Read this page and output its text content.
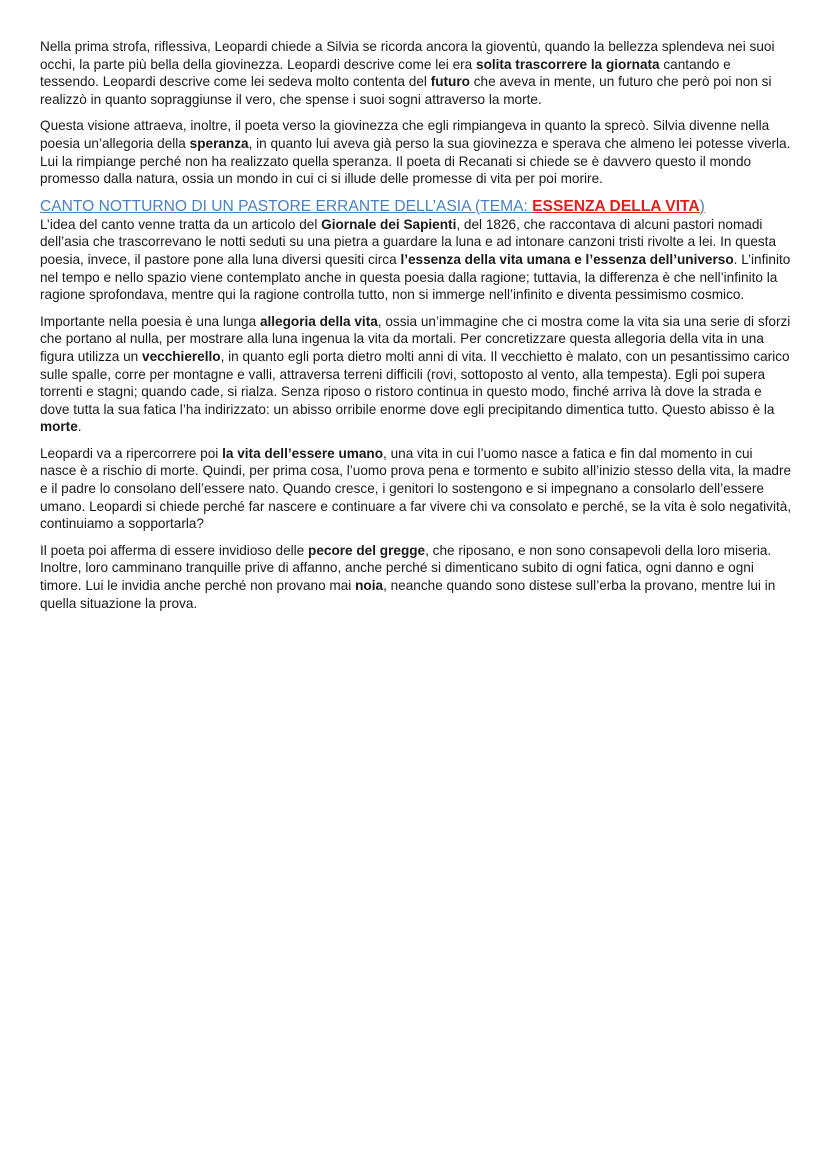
Nella prima strofa, riflessiva, Leopardi chiede a Silvia se ricorda ancora la gioventù, quando la bellezza splendeva nei suoi occhi, la parte più bella della giovinezza. Leopardi descrive come lei era solita trascorrere la giornata cantando e tessendo. Leopardi descrive come lei sedeva molto contenta del futuro che aveva in mente, un futuro che però poi non si realizzò in quanto sopraggiunse il vero, che spense i suoi sogni attraverso la morte.

Questa visione attraeva, inoltre, il poeta verso la giovinezza che egli rimpiangeva in quanto la sprecò. Silvia divenne nella poesia un’allegoria della speranza, in quanto lui aveva già perso la sua giovinezza e sperava che almeno lei potesse viverla. Lui la rimpiange perché non ha realizzato quella speranza. Il poeta di Recanati si chiede se è davvero questo il mondo promesso dalla natura, ossia un mondo in cui ci si illude delle promesse di vita per poi morire.

CANTO NOTTURNO DI UN PASTORE ERRANTE DELL’ASIA (TEMA: ESSENZA DELLA VITA)

L’idea del canto venne tratta da un articolo del Giornale dei Sapienti, del 1826, che raccontava di alcuni pastori nomadi dell’asia che trascorrevano le notti seduti su una pietra a guardare la luna e ad intonare canzoni tristi rivolte a lei. In questa poesia, invece, il pastore pone alla luna diversi quesiti circa l’essenza della vita umana e l’essenza dell’universo. L’infinito nel tempo e nello spazio viene contemplato anche in questa poesia dalla ragione; tuttavia, la differenza è che nell’infinito la ragione sprofondava, mentre qui la ragione controlla tutto, non si immerge nell’infinito e diventa pessimismo cosmico.

Importante nella poesia è una lunga allegoria della vita, ossia un’immagine che ci mostra come la vita sia una serie di sforzi che portano al nulla, per mostrare alla luna ingenua la vita da mortali. Per concretizzare questa allegoria della vita in una figura utilizza un vecchierello, in quanto egli porta dietro molti anni di vita. Il vecchietto è malato, con un pesantissimo carico sulle spalle, corre per montagne e valli, attraversa terreni difficili (rovi, sottoposto al vento, alla tempesta). Egli poi supera torrenti e stagni; quando cade, si rialza. Senza riposo o ristoro continua in questo modo, finché arriva là dove la strada e dove tutta la sua fatica l’ha indirizzato: un abisso orribile enorme dove egli precipitando dimentica tutto. Questo abisso è la morte.

Leopardi va a ripercorrere poi la vita dell’essere umano, una vita in cui l’uomo nasce a fatica e fin dal momento in cui nasce è a rischio di morte. Quindi, per prima cosa, l’uomo prova pena e tormento e subito all’inizio stesso della vita, la madre e il padre lo consolano dell’essere nato. Quando cresce, i genitori lo sostengono e si impegnano a consolarlo dell’essere umano. Leopardi si chiede perché far nascere e continuare a far vivere chi va consolato e perché, se la vita è solo negatività, continuiamo a sopportarla?

Il poeta poi afferma di essere invidioso delle pecore del gregge, che riposano, e non sono consapevoli della loro miseria. Inoltre, loro camminano tranquille prive di affanno, anche perché si dimenticano subito di ogni fatica, ogni danno e ogni timore. Lui le invidia anche perché non provano mai noia, neanche quando sono distese sull’erba la provano, mentre lui in quella situazione la prova.
